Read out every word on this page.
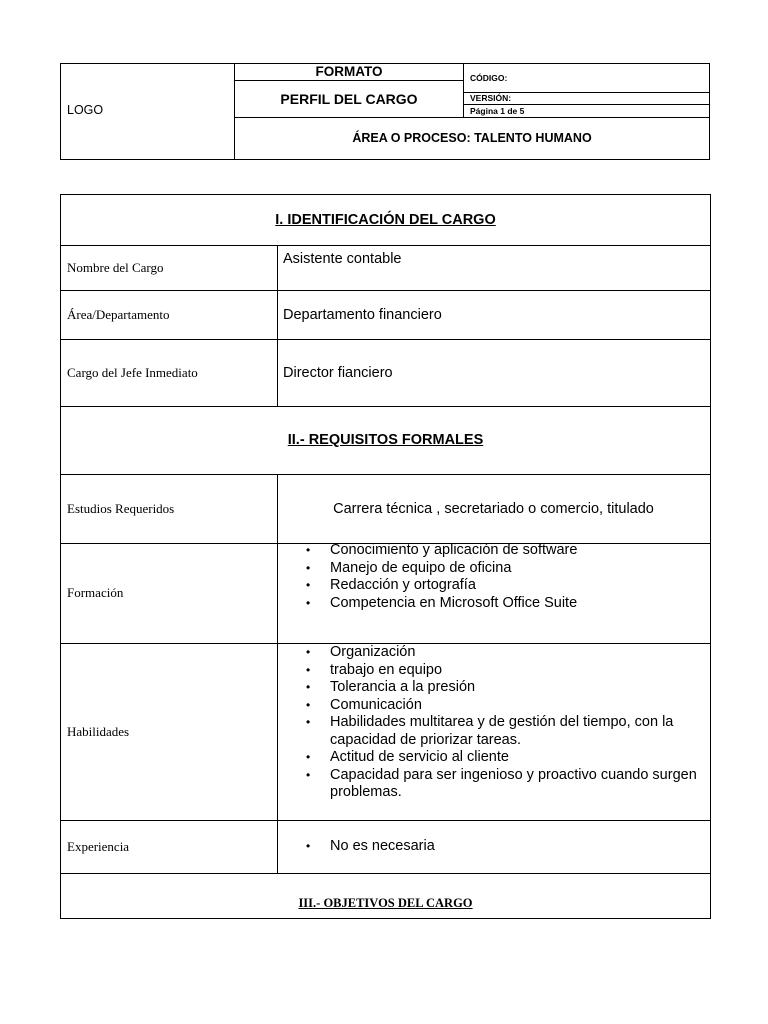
LOGO
FORMATO
PERFIL DEL CARGO
CÓDIGO:
VERSIÓN:
Página 1 de 5
ÁREA O PROCESO: TALENTO HUMANO
I. IDENTIFICACIÓN DEL CARGO
Nombre del Cargo
Asistente contable
Área/Departamento	Departamento financiero
Cargo del Jefe Inmediato	Director fianciero
II.- REQUISITOS FORMALES
Estudios Requeridos	Carrera técnica , secretariado o comercio, titulado
Formación
• Conocimiento y aplicación de software
• Manejo de equipo de oficina
• Redacción y ortografía
• Competencia en Microsoft Office Suite
Habilidades
• Organización
• trabajo en equipo
• Tolerancia a la presión
• Comunicación
• Habilidades multitarea y de gestión del tiempo, con la capacidad de priorizar tareas.
• Actitud de servicio al cliente
• Capacidad para ser ingenioso y proactivo cuando surgen problemas.
Experiencia
•	No es necesaria
III.- OBJETIVOS DEL CARGO
